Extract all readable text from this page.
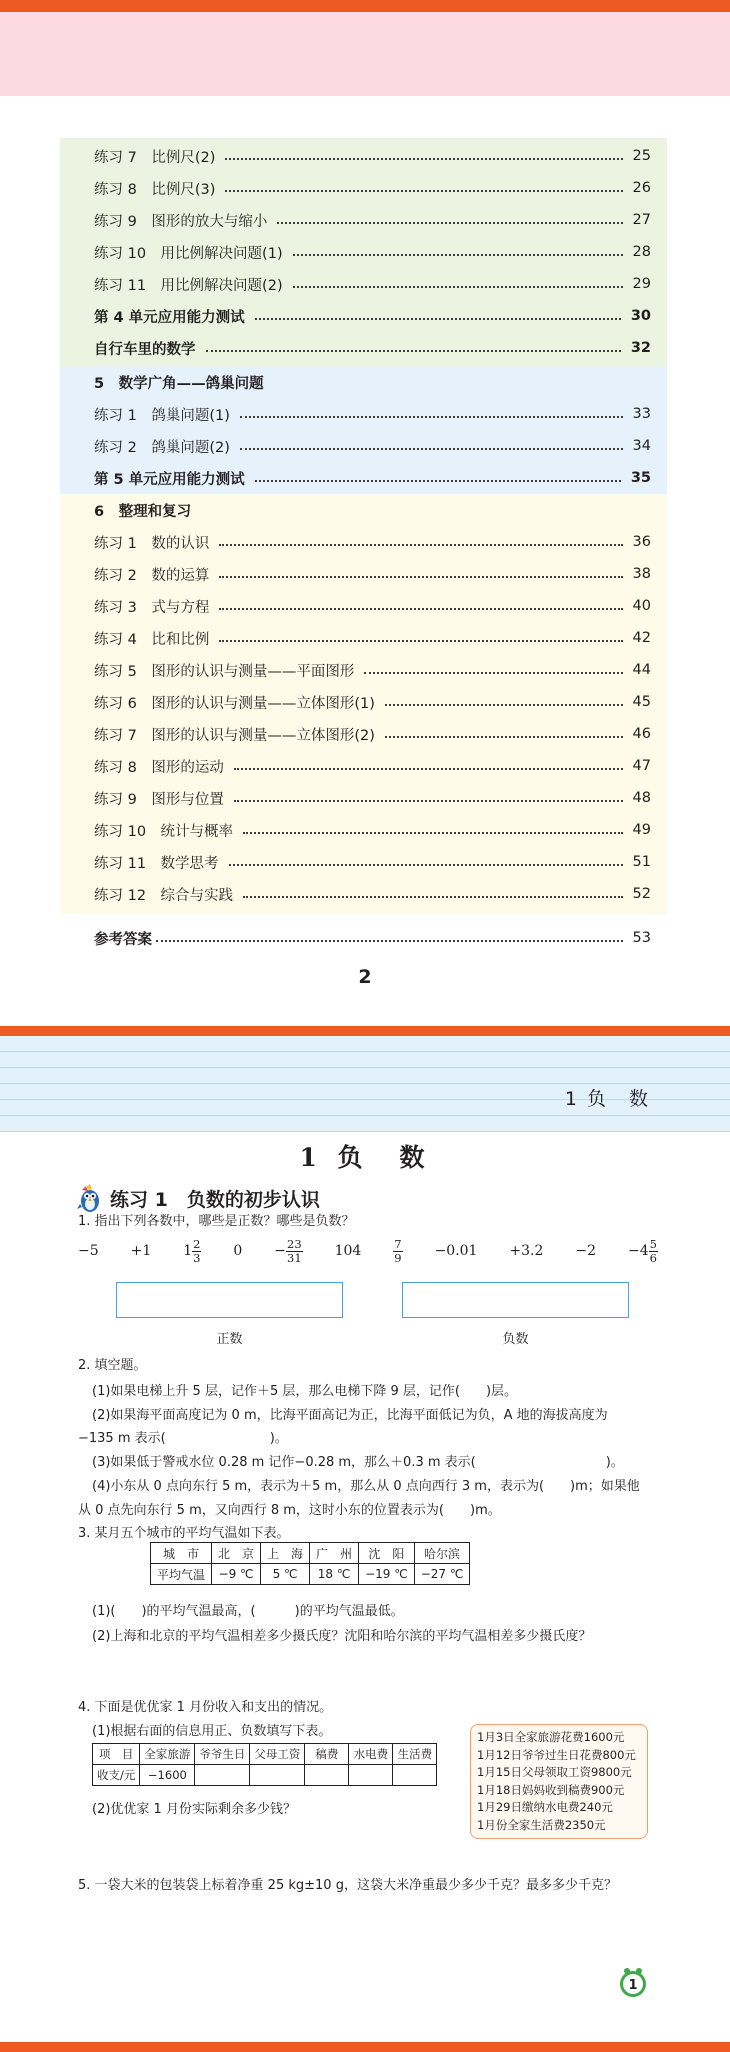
练习 7　比例尺(2)	25
练习 8　比例尺(3)	26
练习 9　图形的放大与缩小	27
练习 10　用比例解决问题(1)	28
练习 11　用比例解决问题(2)	29
第 4 单元应用能力测试	30
自行车里的数学	32
5　数学广角——鸽巢问题
练习 1　鸽巢问题(1)	33
练习 2　鸽巢问题(2)	34
第 5 单元应用能力测试	35
6　整理和复习
练习 1　数的认识	36
练习 2　数的运算	38
练习 3　式与方程	40
练习 4　比和比例	42
练习 5　图形的认识与测量——平面图形	44
练习 6　图形的认识与测量——立体图形(1)	45
练习 7　图形的认识与测量——立体图形(2)	46
练习 8　图形的运动	47
练习 9　图形与位置	48
练习 10　统计与概率	49
练习 11　数学思考	51
练习 12　综合与实践	52
参考答案	53
2
1 负　数
1 负　数
练习 1　负数的初步认识
1. 指出下列各数中，哪些是正数？哪些是负数？
−5 +1 $1 \frac{2}{3} 0 - \frac{23}{31} 104$	$\frac{7}{9} -0.01 +3.2 -2 -4 \frac{5}{6}$
正数	负数
2. 填空题。
(1)如果电梯上升 5 层，记作＋5 层，那么电梯下降 9 层，记作(　　)层。
(2)如果海平面高度记为 0 m，比海平面高记为正，比海平面低记为负，A 地的海拔高度为
−135 m 表示(　　　　　　　　)。
(3)如果低于警戒水位 0.28 m 记作−0.28 m，那么＋0.3 m 表示(　　　　　　　　　　)。
(4)小东从 0 点向东行 5 m，表示为＋5 m，那么从 0 点向西行 3 m，表示为(　　)m；如果他
从 0 点先向东行 5 m，又向西行 8 m，这时小东的位置表示为(　　)m。
3. 某月五个城市的平均气温如下表。
城　市	北　京	上　海	广　州	沈　阳	哈尔滨
平均气温	−9 ℃	5 ℃	18 ℃	−19 ℃	−27 ℃
(1)(　　)的平均气温最高，(　　　)的平均气温最低。
(2)上海和北京的平均气温相差多少摄氏度？沈阳和哈尔滨的平均气温相差多少摄氏度？
4. 下面是优优家 1 月份收入和支出的情况。
(1)根据右面的信息用正、负数填写下表。
项　目	全家旅游	爷爷生日	父母工资	稿费	水电费	生活费
收支/元	−1600					
(2)优优家 1 月份实际剩余多少钱？
1月3日全家旅游花费1600元
1月12日爷爷过生日花费800元
1月15日父母领取工资9800元
1月18日妈妈收到稿费900元
1月29日缴纳水电费240元
1月份全家生活费2350元
5. 一袋大米的包装袋上标着净重 25 kg±10 g，这袋大米净重最少多少千克？最多多少千克？
1
